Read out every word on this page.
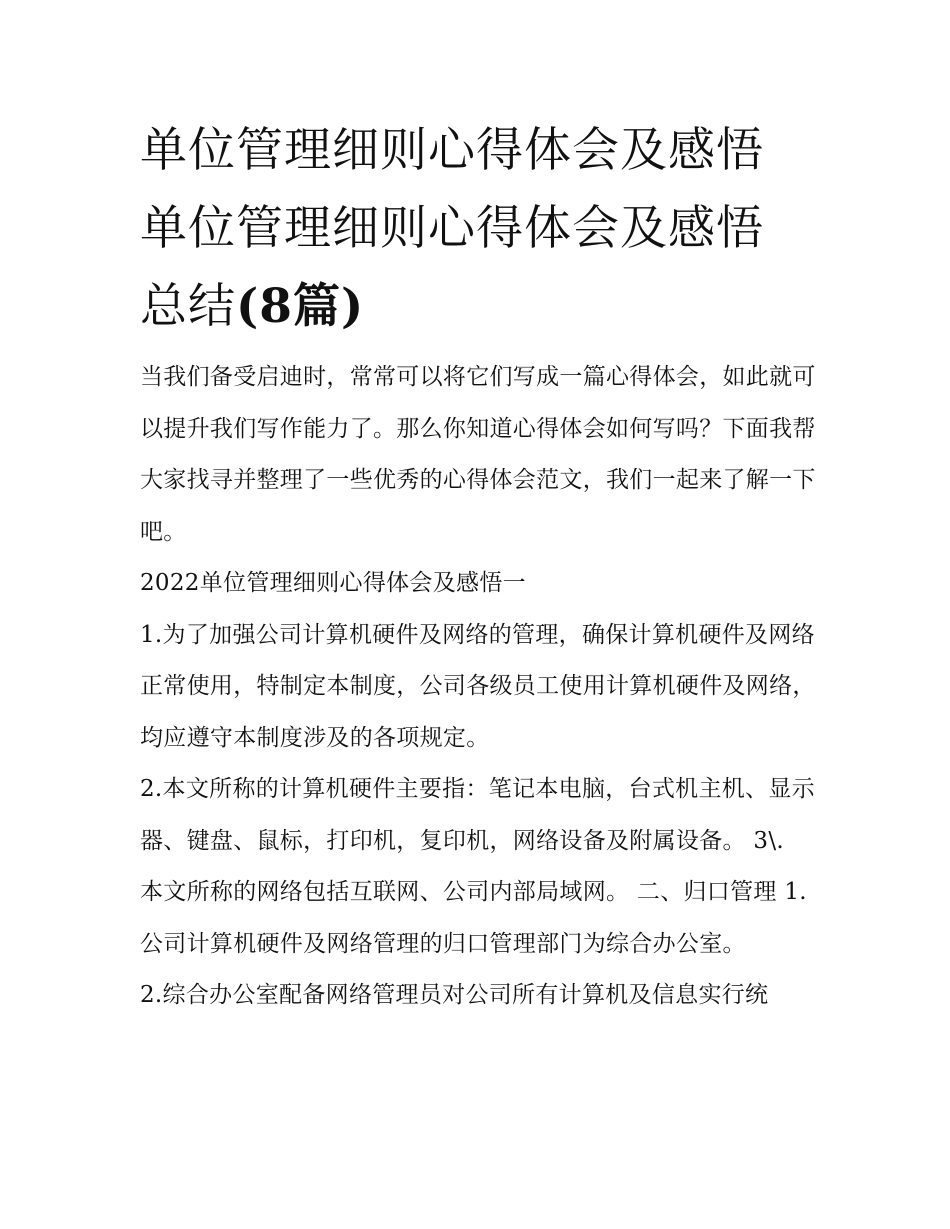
单位管理细则心得体会及感悟
单位管理细则心得体会及感悟
总结(8篇)

当我们备受启迪时，常常可以将它们写成一篇心得体会，如此就可以提升我们写作能力了。那么你知道心得体会如何写吗？下面我帮大家找寻并整理了一些优秀的心得体会范文，我们一起来了解一下吧。

2022单位管理细则心得体会及感悟一

1.为了加强公司计算机硬件及网络的管理，确保计算机硬件及网络正常使用，特制定本制度，公司各级员工使用计算机硬件及网络，均应遵守本制度涉及的各项规定。

2.本文所称的计算机硬件主要指：笔记本电脑，台式机主机、显示器、键盘、鼠标，打印机，复印机，网络设备及附属设备。 3\.

本文所称的网络包括互联网、公司内部局域网。 二、归口管理 1.公司计算机硬件及网络管理的归口管理部门为综合办公室。

2.综合办公室配备网络管理员对公司所有计算机及信息实行统
